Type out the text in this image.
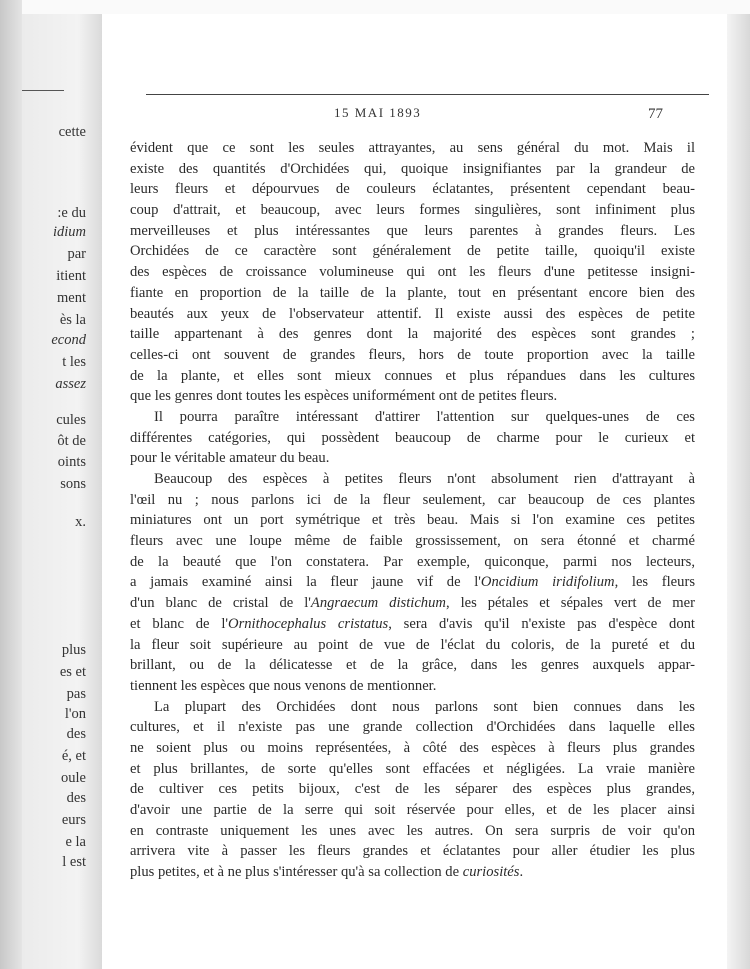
cette
:e du
idium
par
itient
ment
ès la
econd
t les
assez
cules
ôt de
oints
sons
x.
plus
es et
pas
l'on
des
é, et
oule
des
eurs
e la
l est
15 MAI 1893	77
évident que ce sont les seules attrayantes, au sens général du mot. Mais il
existe des quantités d'Orchidées qui, quoique insignifiantes par la grandeur de
leurs fleurs et dépourvues de couleurs éclatantes, présentent cependant beau-
coup d'attrait, et beaucoup, avec leurs formes singulières, sont infiniment plus
merveilleuses et plus intéressantes que leurs parentes à grandes fleurs. Les
Orchidées de ce caractère sont généralement de petite taille, quoiqu'il existe
des espèces de croissance volumineuse qui ont les fleurs d'une petitesse insigni-
fiante en proportion de la taille de la plante, tout en présentant encore bien des
beautés aux yeux de l'observateur attentif. Il existe aussi des espèces de petite
taille appartenant à des genres dont la majorité des espèces sont grandes ;
celles-ci ont souvent de grandes fleurs, hors de toute proportion avec la taille
de la plante, et elles sont mieux connues et plus répandues dans les cultures
que les genres dont toutes les espèces uniformément ont de petites fleurs.
Il pourra paraître intéressant d'attirer l'attention sur quelques-unes de ces
différentes catégories, qui possèdent beaucoup de charme pour le curieux et
pour le véritable amateur du beau.
Beaucoup des espèces à petites fleurs n'ont absolument rien d'attrayant à
l'œil nu ; nous parlons ici de la fleur seulement, car beaucoup de ces plantes
miniatures ont un port symétrique et très beau. Mais si l'on examine ces petites
fleurs avec une loupe même de faible grossissement, on sera étonné et charmé
de la beauté que l'on constatera. Par exemple, quiconque, parmi nos lecteurs,
a jamais examiné ainsi la fleur jaune vif de l'Oncidium iridifolium, les fleurs
d'un blanc de cristal de l'Angraecum distichum, les pétales et sépales vert de mer
et blanc de l'Ornithocephalus cristatus, sera d'avis qu'il n'existe pas d'espèce dont
la fleur soit supérieure au point de vue de l'éclat du coloris, de la pureté et du
brillant, ou de la délicatesse et de la grâce, dans les genres auxquels appar-
tiennent les espèces que nous venons de mentionner.
La plupart des Orchidées dont nous parlons sont bien connues dans les
cultures, et il n'existe pas une grande collection d'Orchidées dans laquelle elles
ne soient plus ou moins représentées, à côté des espèces à fleurs plus grandes
et plus brillantes, de sorte qu'elles sont effacées et négligées. La vraie manière
de cultiver ces petits bijoux, c'est de les séparer des espèces plus grandes,
d'avoir une partie de la serre qui soit réservée pour elles, et de les placer ainsi
en contraste uniquement les unes avec les autres. On sera surpris de voir qu'on
arrivera vite à passer les fleurs grandes et éclatantes pour aller étudier les plus
plus petites, et à ne plus s'intéresser qu'à sa collection de curiosités.
